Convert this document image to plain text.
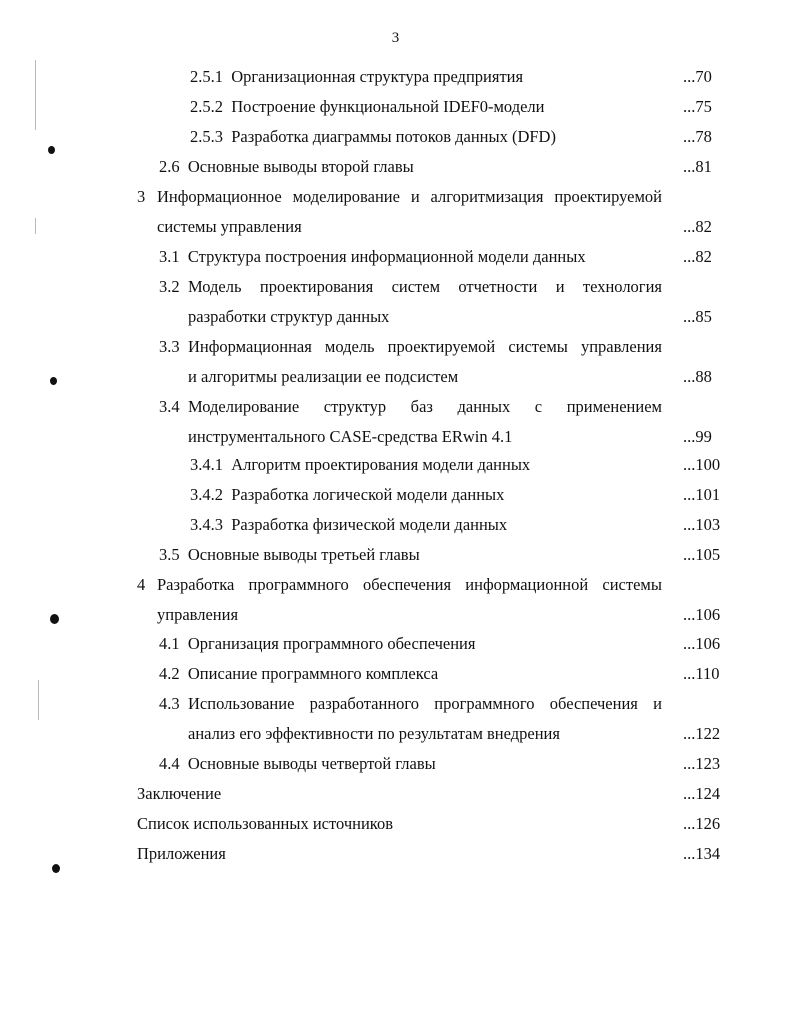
3
2.5.1 Организационная структура предприятия	...70
2.5.2 Построение функциональной IDEF0-модели	...75
2.5.3 Разработка диаграммы потоков данных (DFD)	...78
2.6 Основные выводы второй главы	...81
3 Информационное моделирование и алгоритмизация проектируемой
системы управления	...82
3.1 Структура построения информационной модели данных	...82
3.2 Модель проектирования систем отчетности и технология
разработки структур данных	...85
3.3 Информационная модель проектируемой системы управления
и алгоритмы реализации ее подсистем	...88
3.4 Моделирование структур баз данных с применением
инструментального CASE-средства ERwin 4.1	...99
3.4.1 Алгоритм проектирования модели данных	...100
3.4.2 Разработка логической модели данных	...101
3.4.3 Разработка физической модели данных	...103
3.5 Основные выводы третьей главы	...105
4 Разработка программного обеспечения информационной системы
управления	...106
4.1 Организация программного обеспечения	...106
4.2 Описание программного комплекса	...110
4.3 Использование разработанного программного обеспечения и
анализ его эффективности по результатам внедрения	...122
4.4 Основные выводы четвертой главы	...123
Заключение	...124
Список использованных источников	...126
Приложения	...134
